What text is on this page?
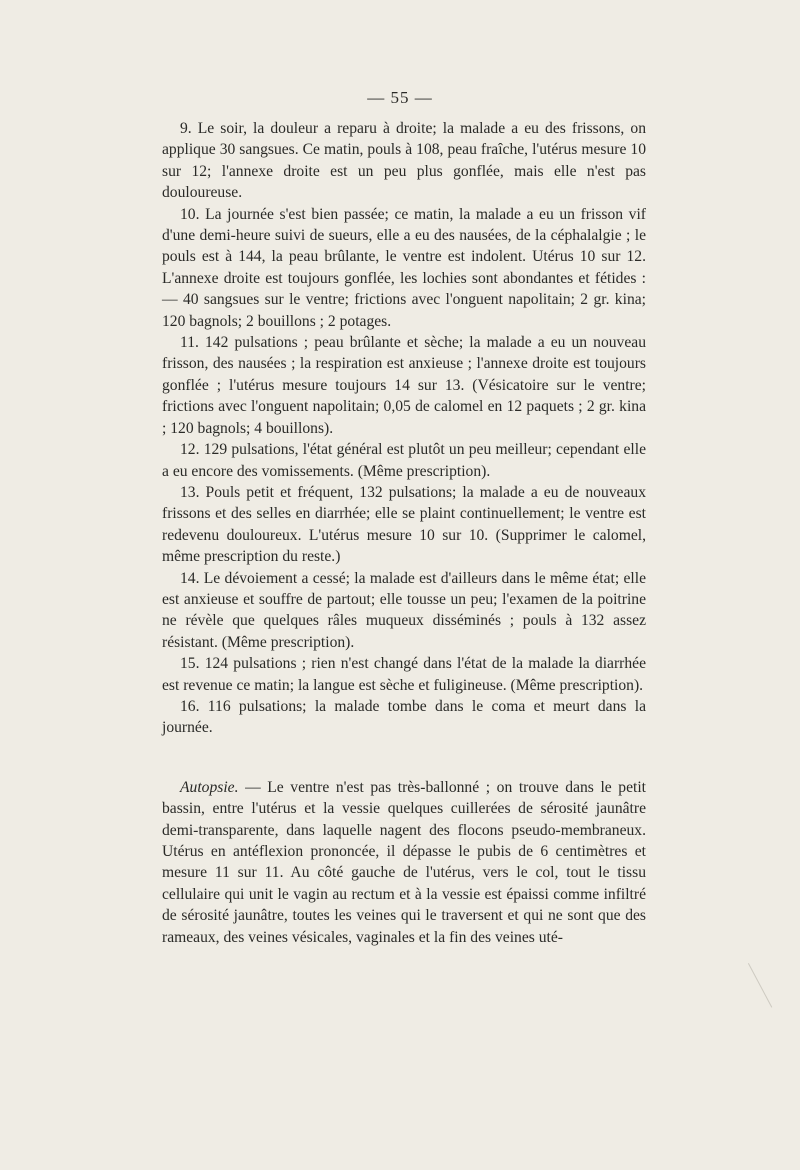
— 55 —

9. Le soir, la douleur a reparu à droite; la malade a eu des frissons, on applique 30 sangsues. Ce matin, pouls à 108, peau fraîche, l'utérus mesure 10 sur 12; l'annexe droite est un peu plus gonflée, mais elle n'est pas douloureuse.

10. La journée s'est bien passée; ce matin, la malade a eu un frisson vif d'une demi-heure suivi de sueurs, elle a eu des nausées, de la céphalalgie ; le pouls est à 144, la peau brûlante, le ventre est indolent. Utérus 10 sur 12. L'annexe droite est toujours gonflée, les lochies sont abondantes et fétides : — 40 sangsues sur le ventre; frictions avec l'onguent napolitain; 2 gr. kina; 120 bagnols; 2 bouillons ; 2 potages.

11. 142 pulsations ; peau brûlante et sèche; la malade a eu un nouveau frisson, des nausées ; la respiration est anxieuse ; l'annexe droite est toujours gonflée ; l'utérus mesure toujours 14 sur 13. (Vésicatoire sur le ventre; frictions avec l'onguent napolitain; 0,05 de calomel en 12 paquets ; 2 gr. kina ; 120 bagnols; 4 bouillons).

12. 129 pulsations, l'état général est plutôt un peu meilleur; cependant elle a eu encore des vomissements. (Même prescription).

13. Pouls petit et fréquent, 132 pulsations; la malade a eu de nouveaux frissons et des selles en diarrhée; elle se plaint continuellement; le ventre est redevenu douloureux. L'utérus mesure 10 sur 10. (Supprimer le calomel, même prescription du reste.)

14. Le dévoiement a cessé; la malade est d'ailleurs dans le même état; elle est anxieuse et souffre de partout; elle tousse un peu; l'examen de la poitrine ne révèle que quelques râles muqueux disséminés ; pouls à 132 assez résistant. (Même prescription).

15. 124 pulsations ; rien n'est changé dans l'état de la malade la diarrhée est revenue ce matin; la langue est sèche et fuligineuse. (Même prescription).

16. 116 pulsations; la malade tombe dans le coma et meurt dans la journée.

Autopsie. — Le ventre n'est pas très-ballonné ; on trouve dans le petit bassin, entre l'utérus et la vessie quelques cuillerées de sérosité jaunâtre demi-transparente, dans laquelle nagent des flocons pseudo-membraneux. Utérus en antéflexion prononcée, il dépasse le pubis de 6 centimètres et mesure 11 sur 11. Au côté gauche de l'utérus, vers le col, tout le tissu cellulaire qui unit le vagin au rectum et à la vessie est épaissi comme infiltré de sérosité jaunâtre, toutes les veines qui le traversent et qui ne sont que des rameaux, des veines vésicales, vaginales et la fin des veines uté-
